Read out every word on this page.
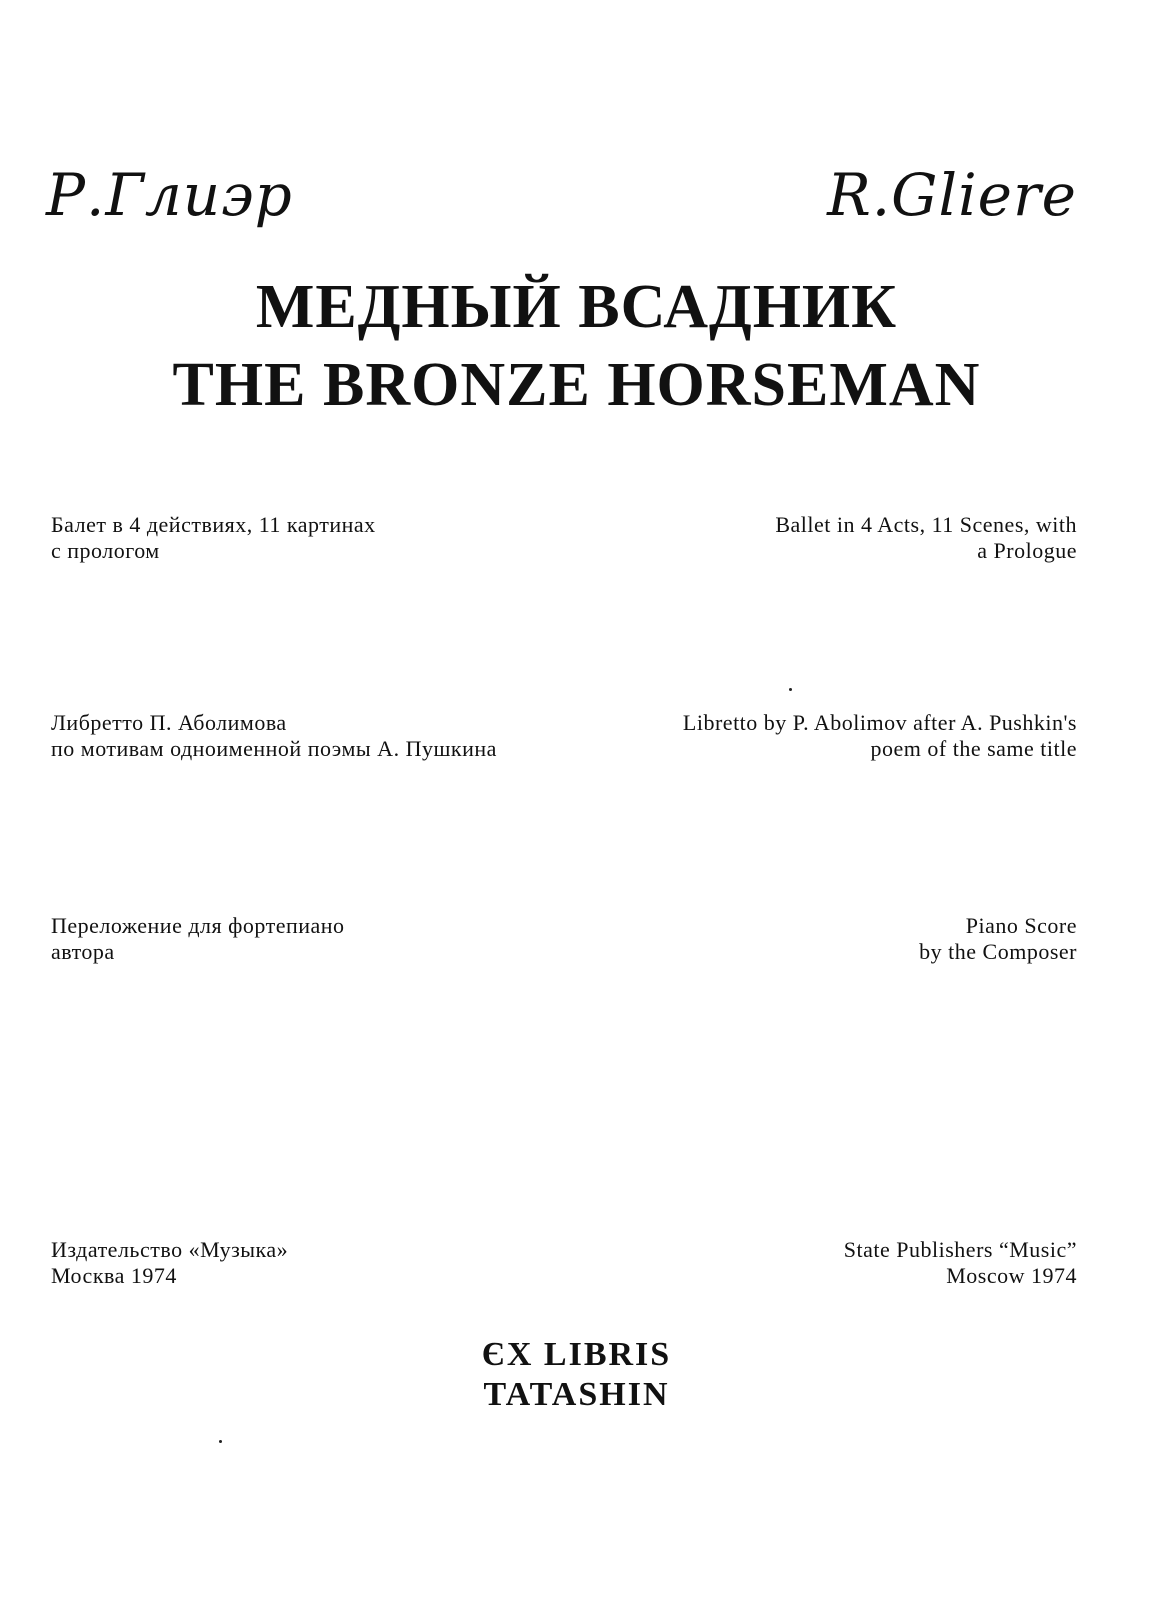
Р.Глиэр	R.Gliere
МЕДНЫЙ ВСАДНИК
THE BRONZE HORSEMAN
Балет в 4 действиях, 11 картинах
с прологом
Ballet in 4 Acts, 11 Scenes, with
a Prologue
Либретто П. Аболимова
по мотивам одноименной поэмы А. Пушкина
Libretto by P. Abolimov after A. Pushkin's
poem of the same title
Переложение для фортепиано
автора
Piano Score
by the Composer
Издательство «Музыка»
Москва 1974
State Publishers “Music”
Moscow 1974
ЄX LIBRIS
TATASHIN
